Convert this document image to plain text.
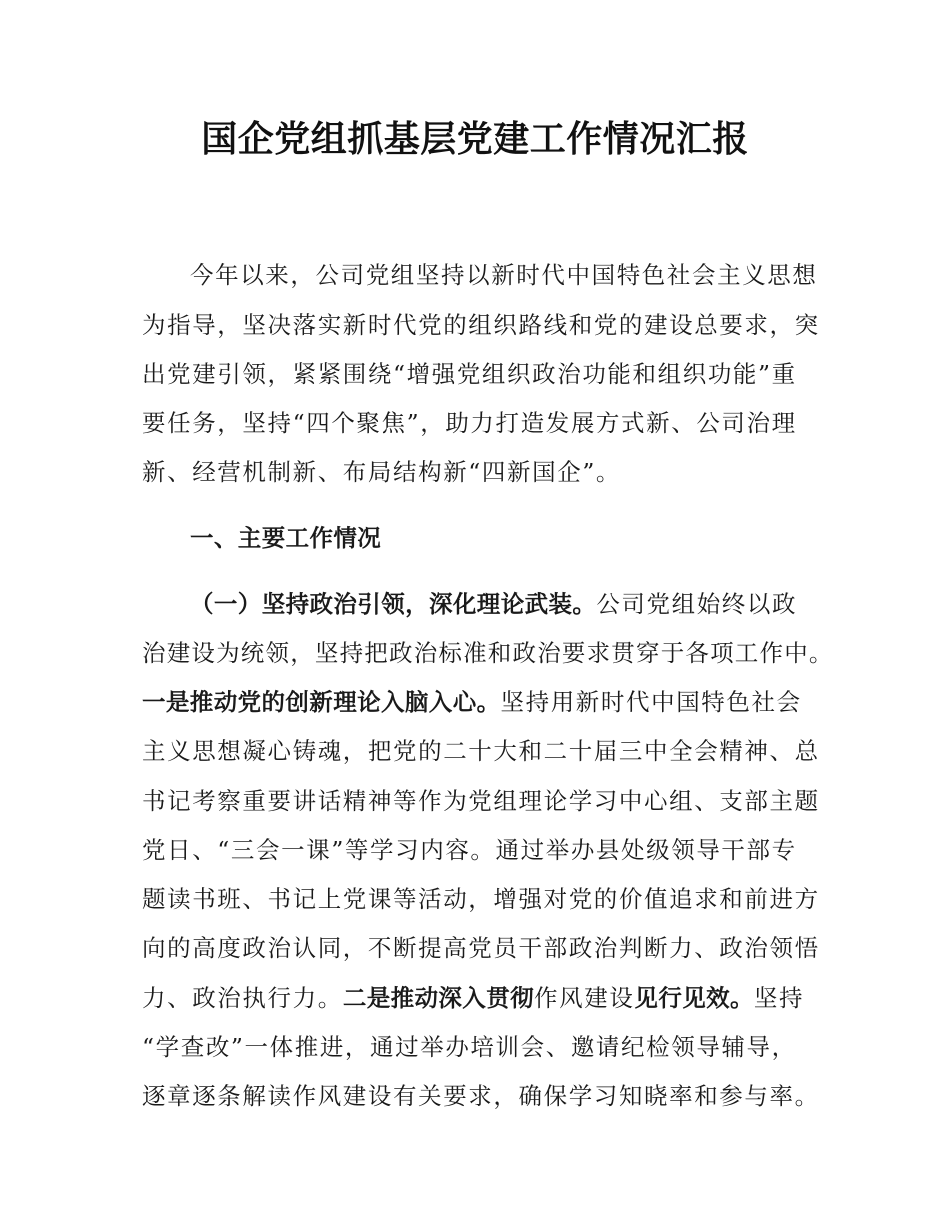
国企党组抓基层党建工作情况汇报
今年以来，公司党组坚持以新时代中国特色社会主义思想
为指导，坚决落实新时代党的组织路线和党的建设总要求，突
出党建引领，紧紧围绕“增强党组织政治功能和组织功能”重
要任务，坚持“四个聚焦”，助力打造发展方式新、公司治理
新、经营机制新、布局结构新“四新国企”。
一、主要工作情况
（一）坚持政治引领，深化理论武装。公司党组始终以政
治建设为统领，坚持把政治标准和政治要求贯穿于各项工作中。
一是推动党的创新理论入脑入心。坚持用新时代中国特色社会
主义思想凝心铸魂，把党的二十大和二十届三中全会精神、总
书记考察重要讲话精神等作为党组理论学习中心组、支部主题
党日、“三会一课”等学习内容。通过举办县处级领导干部专
题读书班、书记上党课等活动，增强对党的价值追求和前进方
向的高度政治认同，不断提高党员干部政治判断力、政治领悟
力、政治执行力。二是推动深入贯彻作风建设见行见效。坚持
“学查改”一体推进，通过举办培训会、邀请纪检领导辅导，
逐章逐条解读作风建设有关要求，确保学习知晓率和参与率。
